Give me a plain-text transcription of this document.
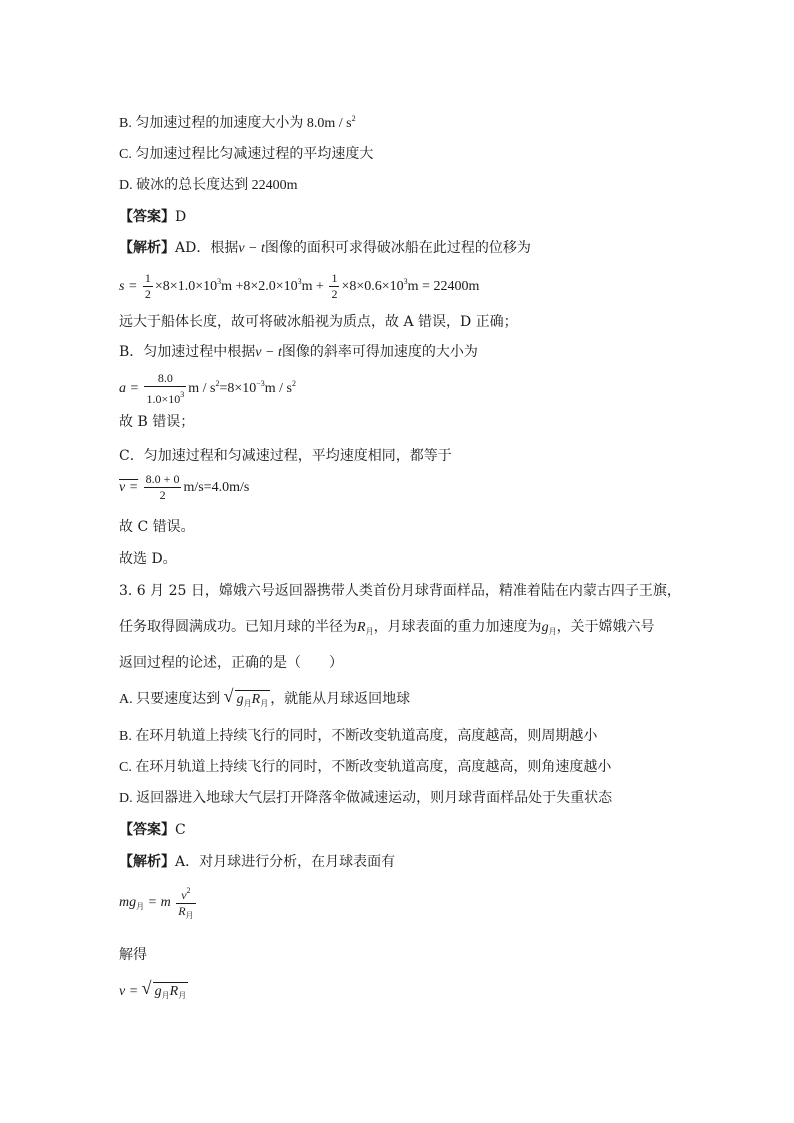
B. 匀加速过程的加速度大小为 $8.0m / s^2$
C. 匀加速过程比匀减速过程的平均速度大
D. 破冰的总长度达到 22400m
【答案】D
【解析】AD．根据v − t图像的面积可求得破冰船在此过程的位移为
$s = \frac{1}{2} \times 8\times 1.0\times 10^3m +8\times 2.0\times 10^3m + \frac{1}{2} \times 8\times 0.6\times 10^3m = 22400m$
远大于船体长度，故可将破冰船视为质点，故 A 错误，D 正确；
B．匀加速过程中根据v − t图像的斜率可得加速度的大小为
$a = \frac{8.0}{1.0\times 10^3}$ $m / s^2=8\times 10^{-3}m / s^2$
故 B 错误；
C．匀加速过程和匀减速过程，平均速度相同，都等于
$v = \frac{8.0 + 0}{2} m/s=4.0m/s$
故 C 错误。
故选 D。
3. 6 月 25 日，嫦娥六号返回器携带人类首份月球背面样品，精准着陆在内蒙古四子王旗，
任务取得圆满成功。已知月球的半径为$R_月$，月球表面的重力加速度为$g_月$，关于嫦娥六号
返回过程的论述，正确的是（　　）
A. 只要速度达到 √ $g_月R_月$ ，就能从月球返回地球
B. 在环月轨道上持续飞行的同时，不断改变轨道高度，高度越高，则周期越小
C. 在环月轨道上持续飞行的同时，不断改变轨道高度，高度越高，则角速度越小
D. 返回器进入地球大气层打开降落伞做减速运动，则月球背面样品处于失重状态
【答案】C
【解析】A．对月球进行分析，在月球表面有
$mg_月 = m \frac{v^2}{R_月}$
解得
v = √ $g_月R_月$
